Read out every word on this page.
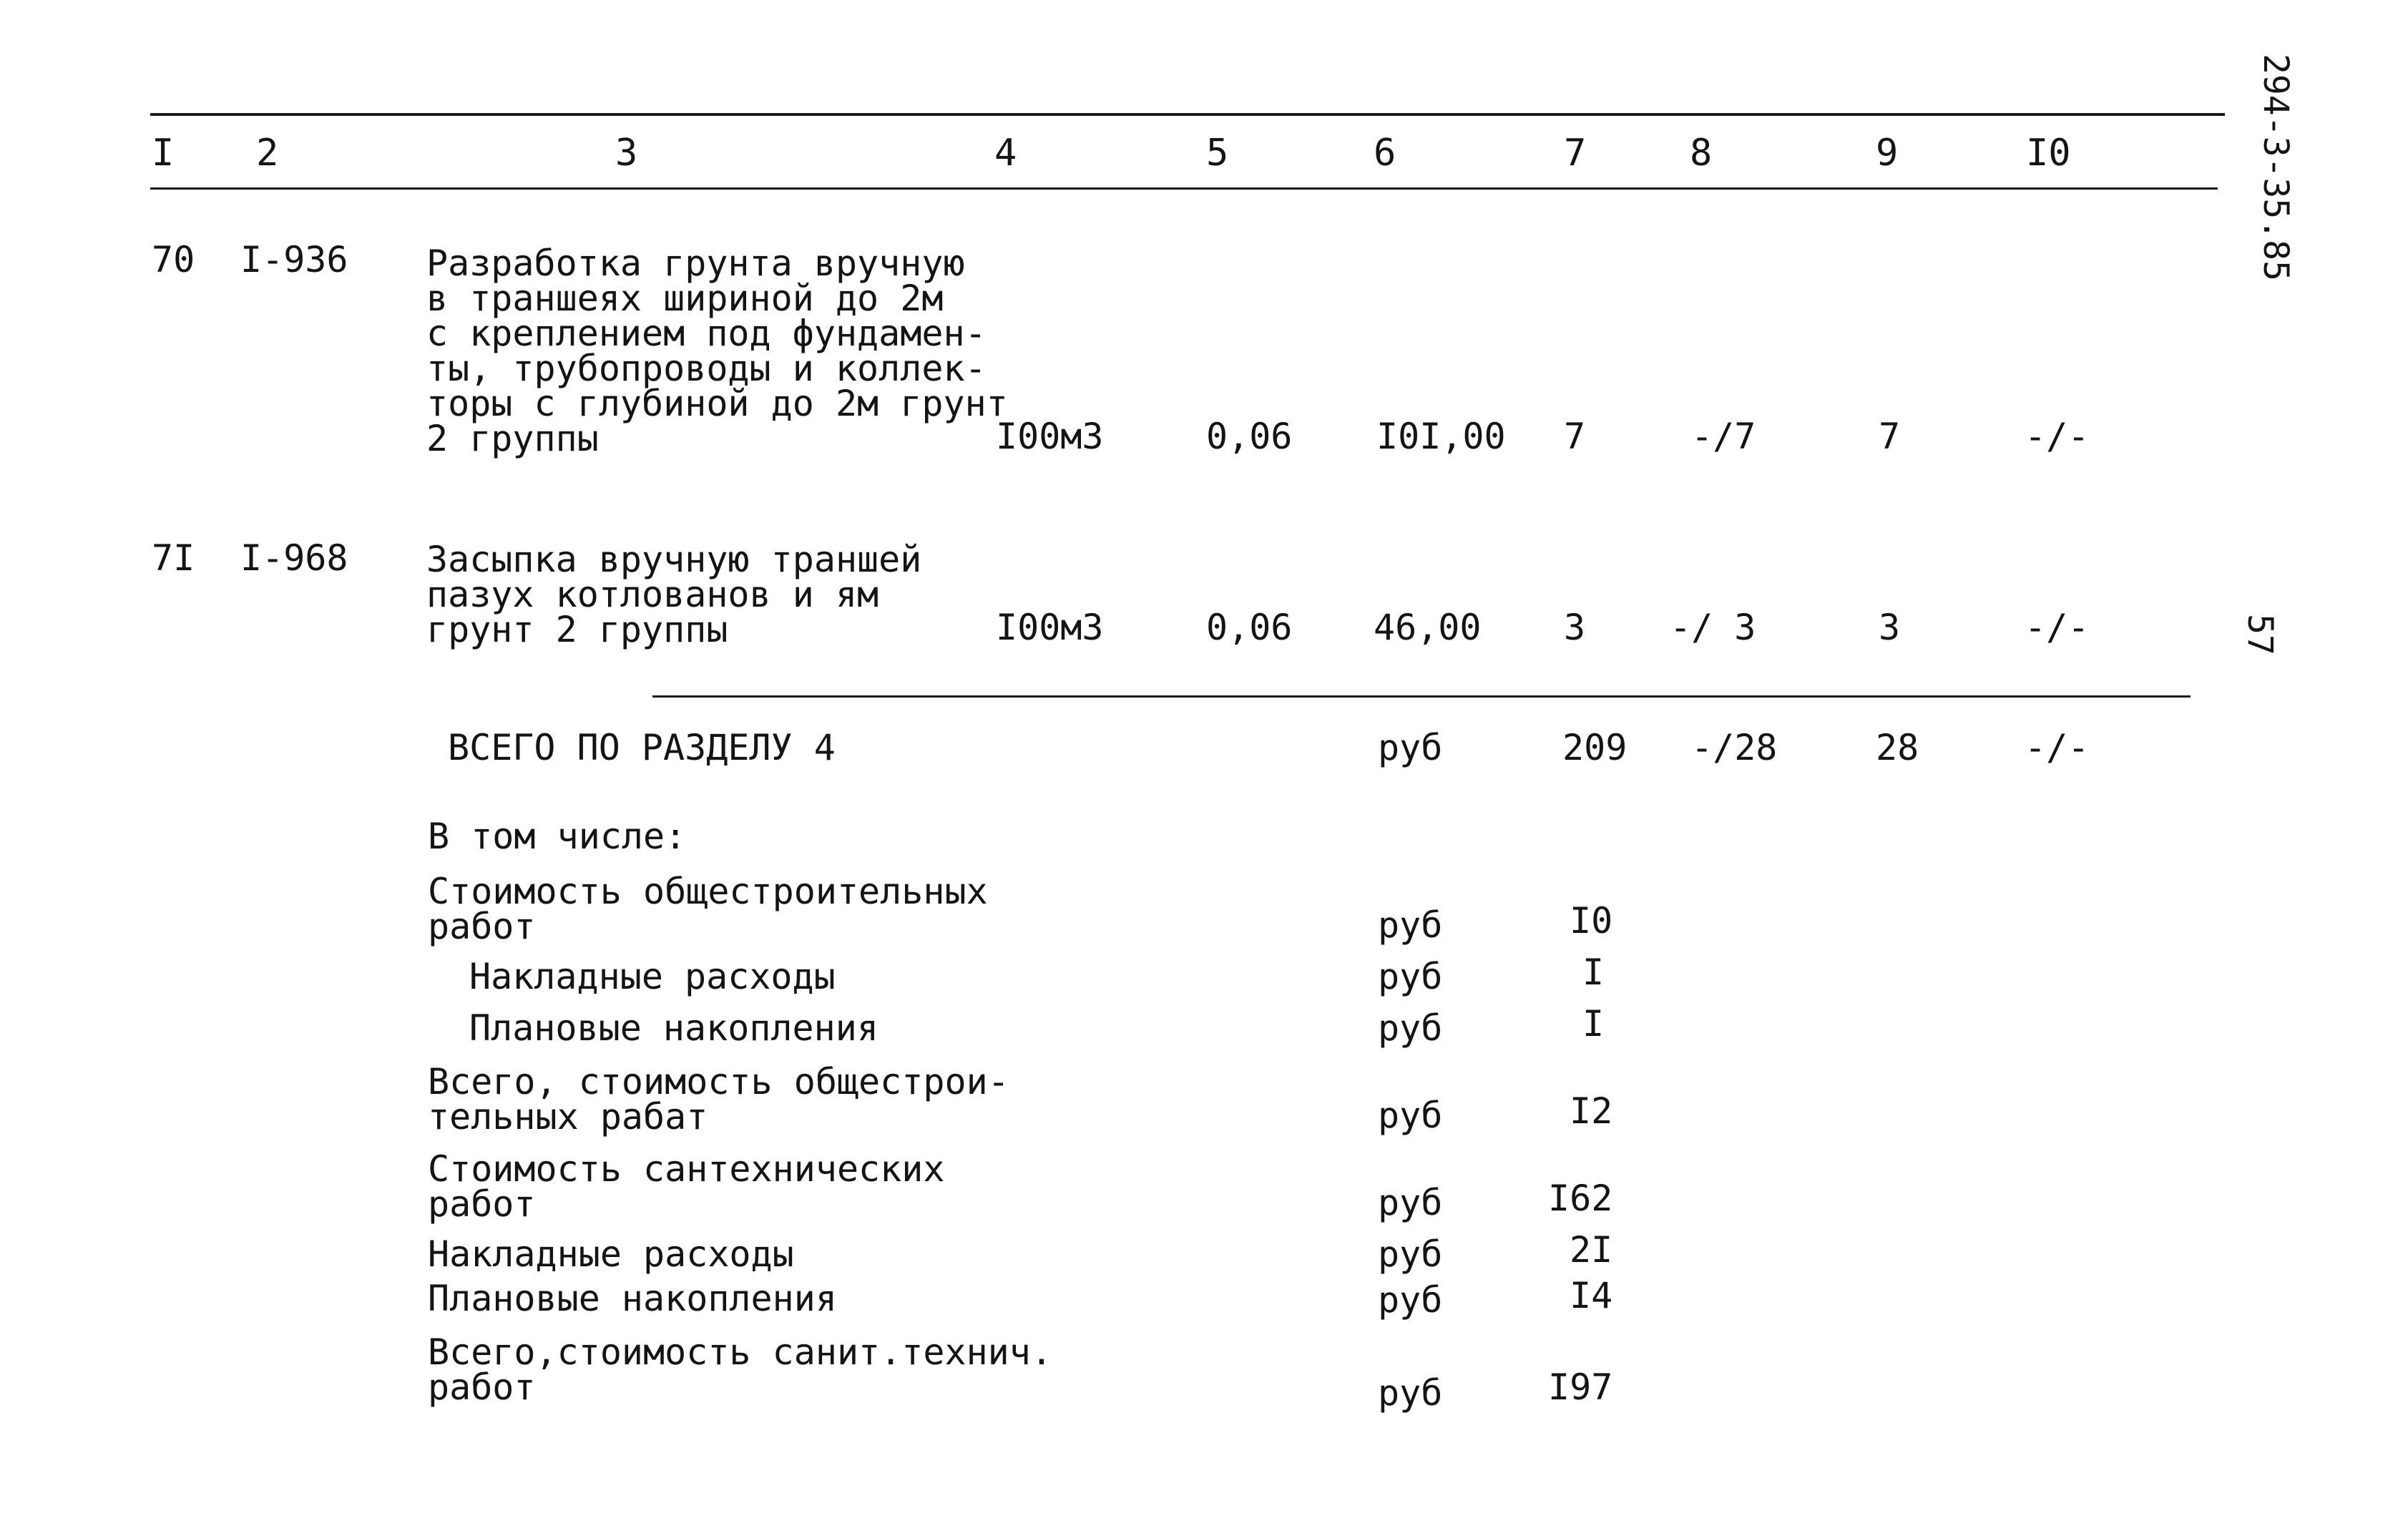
294-3-35.85
57
I 2	3	4	5	6	7	8	9	I0
70 I-936 Разработка грунта вручную
в траншеях шириной до 2м
с креплением под фундамен-
ты, трубопроводы и коллек-
торы с глубиной до 2м грунт
2 группы	I00м3	0,06 I0I,00 7	-/7	7	-/-
7I I-968 Засыпка вручную траншей
пазух котлованов и ям
грунт 2 группы	I00м3	0,06 46,00 3 -/ 3	3	-/-
ВСЕГО ПО РАЗДЕЛУ 4	руб	209 -/28	28	-/-
В том числе:
Стоимость общестроительных
работ	руб	I0
Накладные расходы	руб	I
Плановые накопления	руб	I
Всего, стоимость общестрои-
тельных рабат	руб	I2
Стоимость сантехнических
работ	руб	I62
Накладные расходы	руб	2I
Плановые накопления	руб	I4
Всего,стоимость санит.технич.
работ	руб	I97
